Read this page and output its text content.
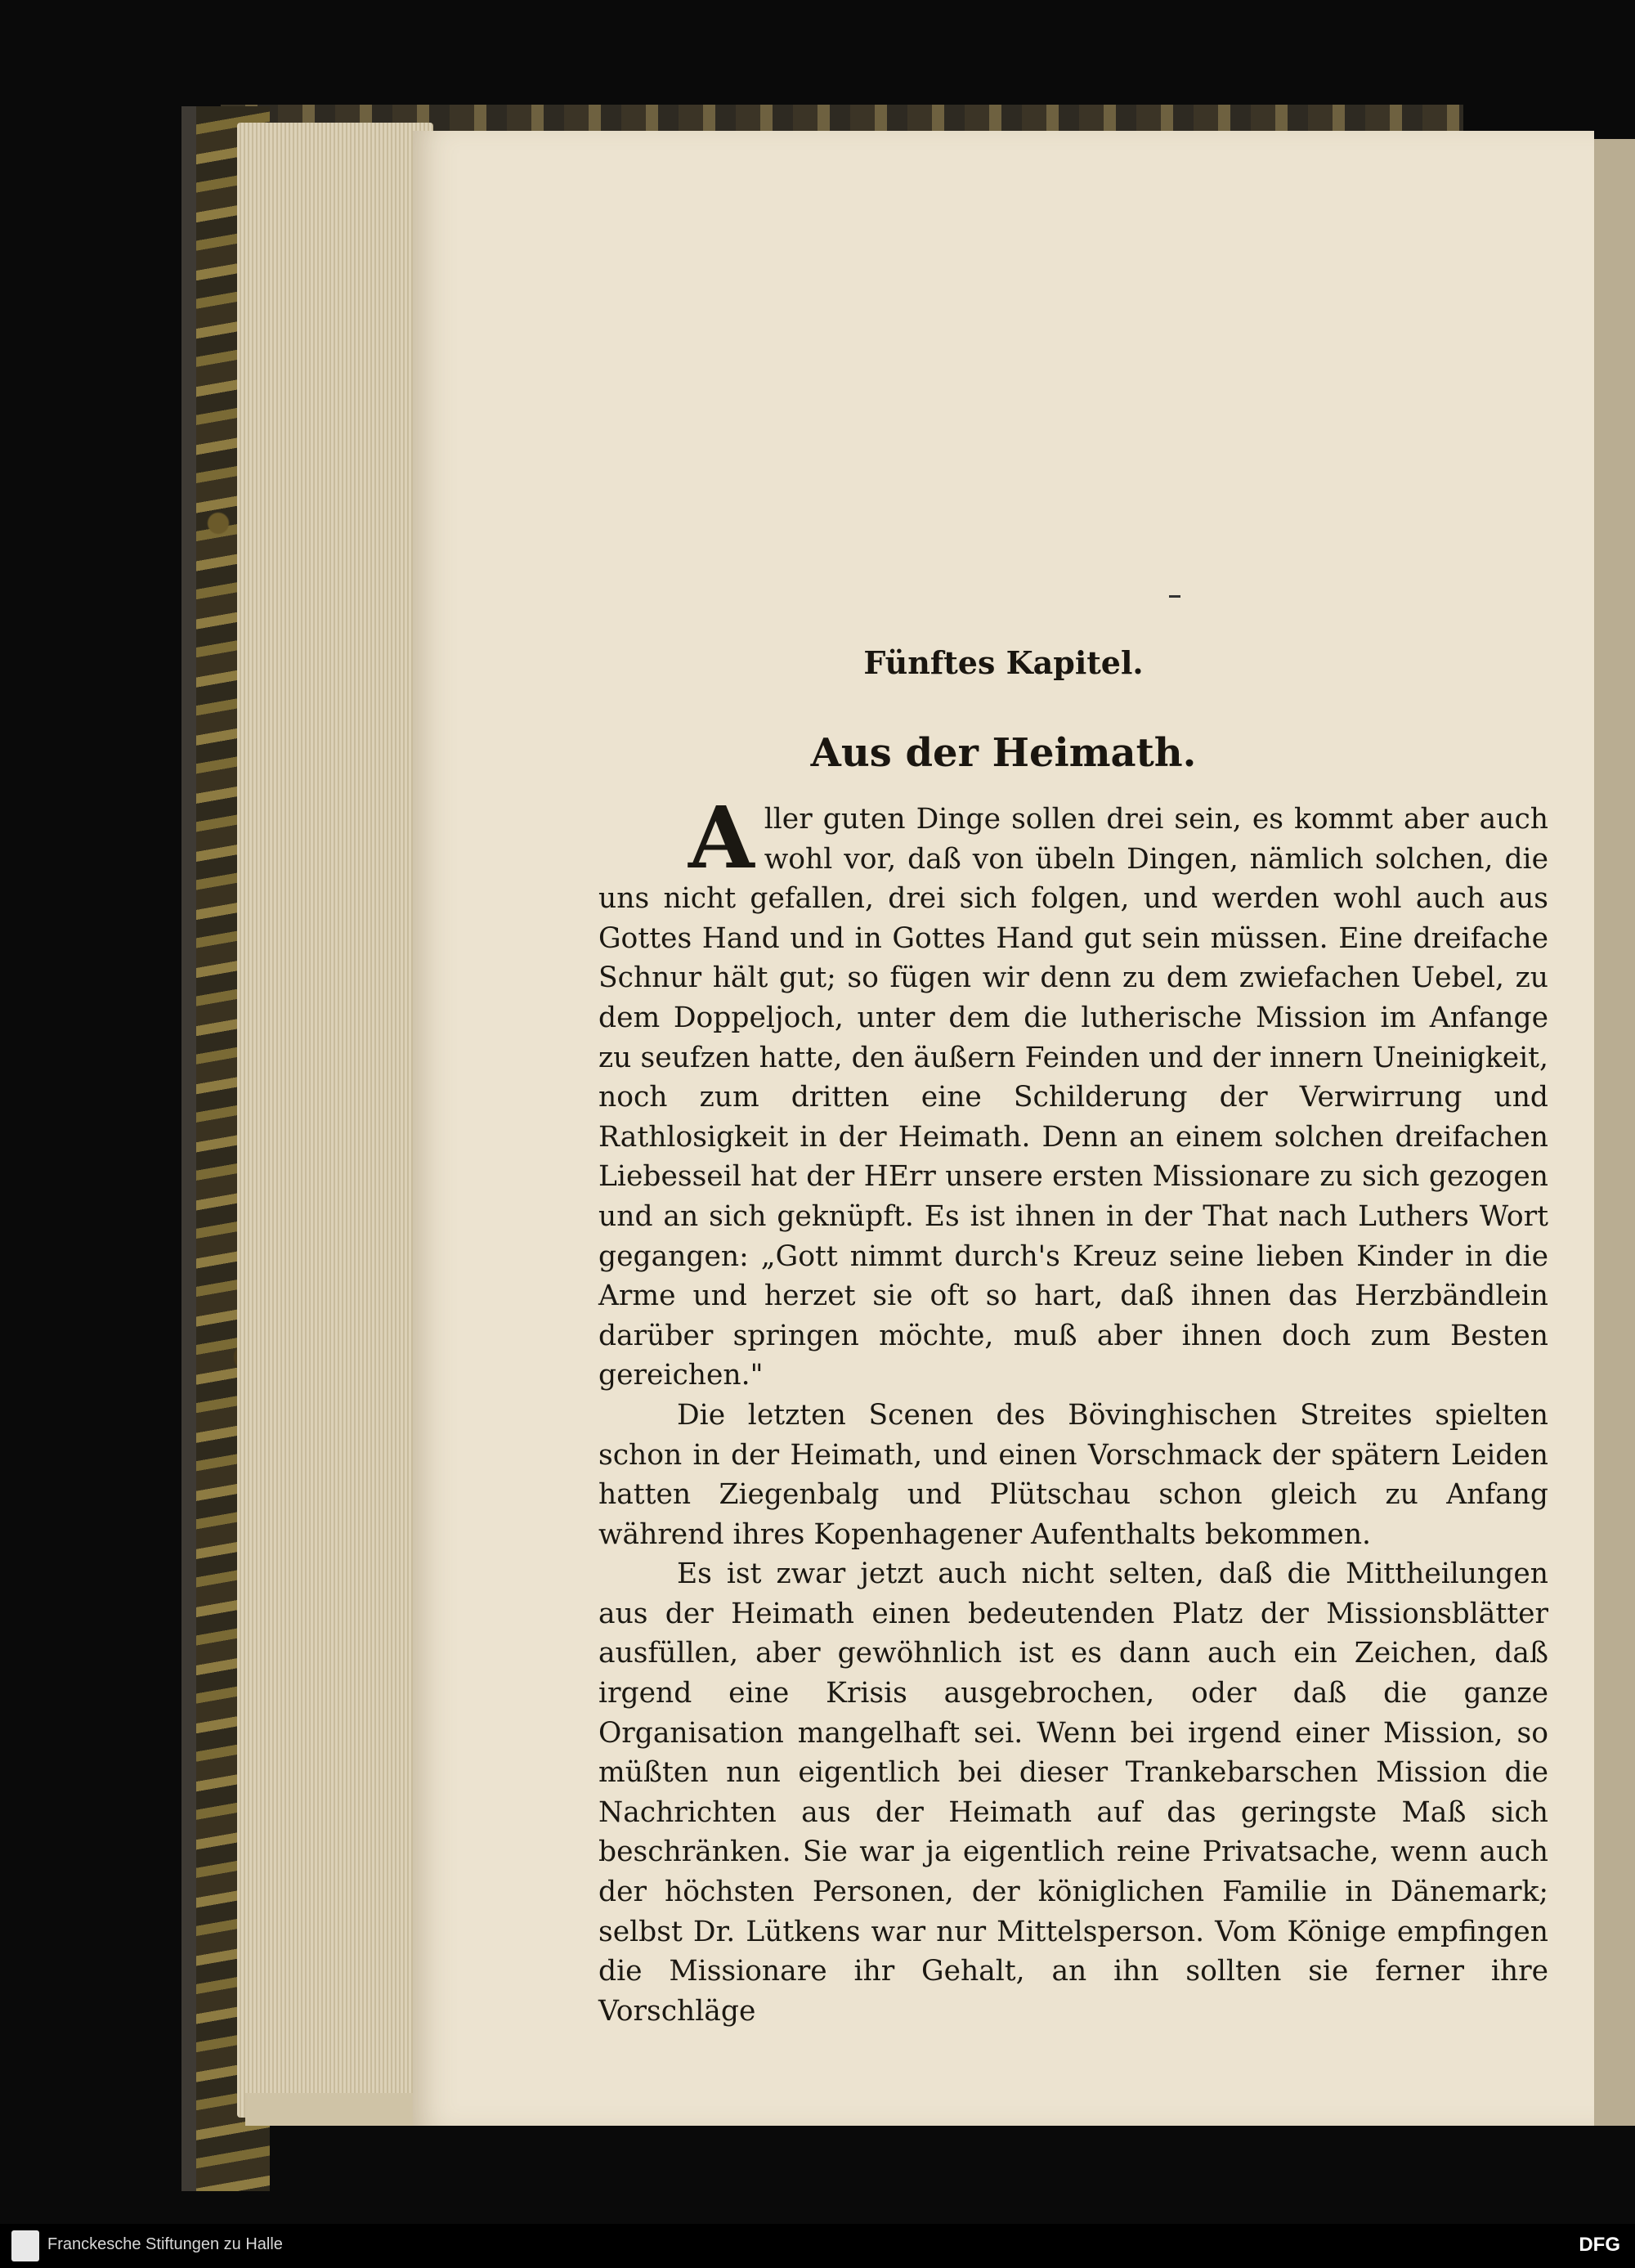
Fünftes Kapitel.
Aus der Heimath.

Aller guten Dinge sollen drei sein, es kommt aber auch wohl vor, daß von übeln Dingen, nämlich solchen, die uns nicht gefallen, drei sich folgen, und werden wohl auch aus Gottes Hand und in Gottes Hand gut sein müssen. Eine dreifache Schnur hält gut; so fügen wir denn zu dem zwiefachen Uebel, zu dem Doppeljoch, unter dem die lutherische Mission im Anfange zu seufzen hatte, den äußern Feinden und der innern Uneinigkeit, noch zum dritten eine Schilderung der Verwirrung und Rathlosigkeit in der Heimath. Denn an einem solchen dreifachen Liebesseil hat der HErr unsere ersten Missionare zu sich gezogen und an sich geknüpft. Es ist ihnen in der That nach Luthers Wort gegangen: „Gott nimmt durch's Kreuz seine lieben Kinder in die Arme und herzet sie oft so hart, daß ihnen das Herzbändlein darüber springen möchte, muß aber ihnen doch zum Besten gereichen."

Die letzten Scenen des Bövinghischen Streites spielten schon in der Heimath, und einen Vorschmack der spätern Leiden hatten Ziegenbalg und Plütschau schon gleich zu Anfang während ihres Kopenhagener Aufenthalts bekommen.

Es ist zwar jetzt auch nicht selten, daß die Mittheilungen aus der Heimath einen bedeutenden Platz der Missionsblätter ausfüllen, aber gewöhnlich ist es dann auch ein Zeichen, daß irgend eine Krisis ausgebrochen, oder daß die ganze Organisation mangelhaft sei. Wenn bei irgend einer Mission, so müßten nun eigentlich bei dieser Trankebarschen Mission die Nachrichten aus der Heimath auf das geringste Maß sich beschränken. Sie war ja eigentlich reine Privatsache, wenn auch der höchsten Personen, der königlichen Familie in Dänemark; selbst Dr. Lütkens war nur Mittelsperson. Vom Könige empfingen die Missionare ihr Gehalt, an ihn sollten sie ferner ihre Vorschläge

Franckesche Stiftungen zu Halle	DFG
